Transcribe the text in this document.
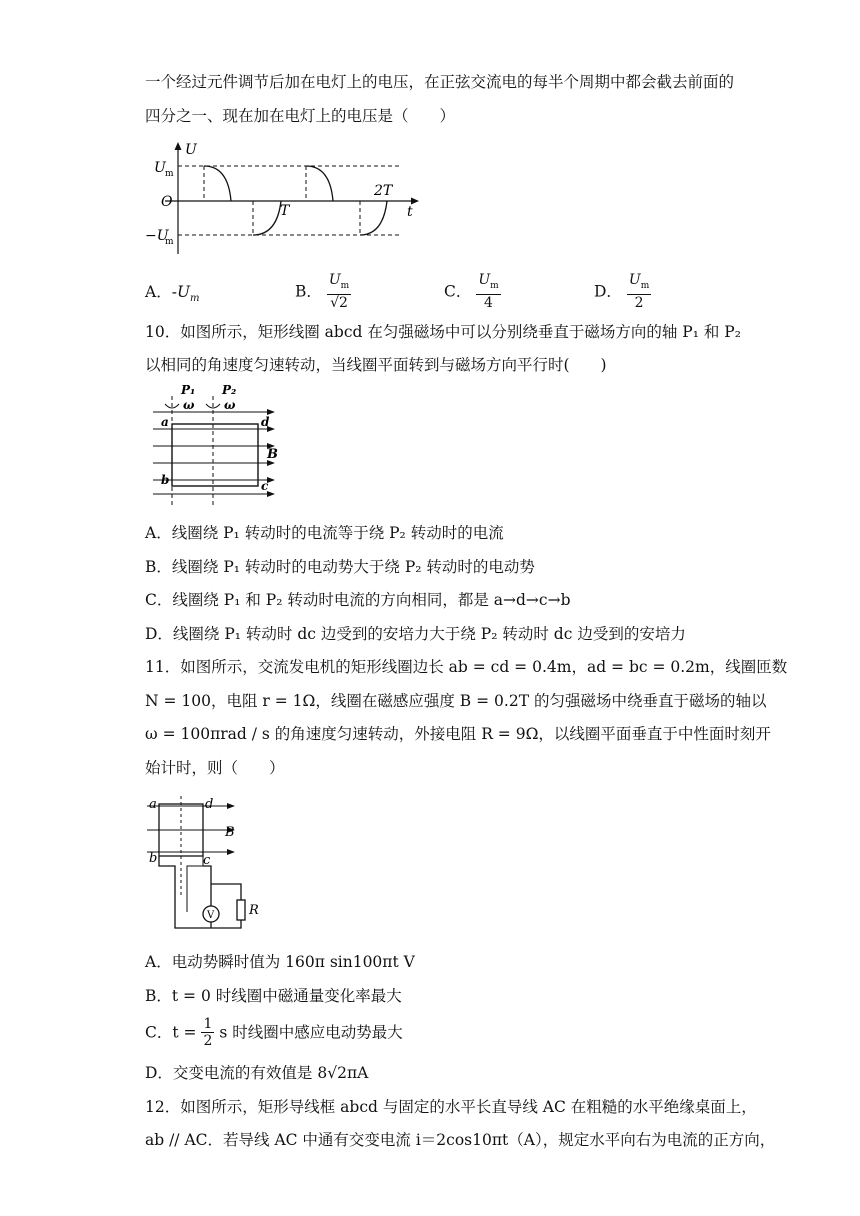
一个经过元件调节后加在电灯上的电压，在正弦交流电的每半个周期中都会截去前面的
四分之一、现在加在电灯上的电压是（　　）
U
t
O
U m
−U
m
T
2T
A．$-U_m$	B． $\frac{U_m}{√2}$	C． $\frac{U_m}{4}$	D． $\frac{U_m}{2}$
10．如图所示，矩形线圈 abcd 在匀强磁场中可以分别绕垂直于磁场方向的轴 P₁ 和 P₂
以相同的角速度匀速转动，当线圈平面转到与磁场方向平行时(　　)
P₁ P₂
ω ω
a	d
b	c
B
A．线圈绕 P₁ 转动时的电流等于绕 P₂ 转动时的电流
B．线圈绕 P₁ 转动时的电动势大于绕 P₂ 转动时的电动势
C．线圈绕 P₁ 和 P₂ 转动时电流的方向相同，都是 a→d→c→b
D．线圈绕 P₁ 转动时 dc 边受到的安培力大于绕 P₂ 转动时 dc 边受到的安培力
11．如图所示，交流发电机的矩形线圈边长 ab = cd = 0.4m，ad = bc = 0.2m，线圈匝数
N = 100，电阻 r = 1Ω，线圈在磁感应强度 B = 0.2T 的匀强磁场中绕垂直于磁场的轴以
ω = 100πrad / s 的角速度匀速转动，外接电阻 R = 9Ω，以线圈平面垂直于中性面时刻开
始计时，则（　　）
a	d
b	c
B
V	R
A．电动势瞬时值为 160π sin100πt V
B．t = 0 时线圈中磁通量变化率最大
C．$t = \frac{1}{2}$ s 时线圈中感应电动势最大
D．交变电流的有效值是 8√2πA
12．如图所示，矩形导线框 abcd 与固定的水平长直导线 AC 在粗糙的水平绝缘桌面上，
ab // AC．若导线 AC 中通有交变电流 i＝2cos10πt（A），规定水平向右为电流的正方向，
